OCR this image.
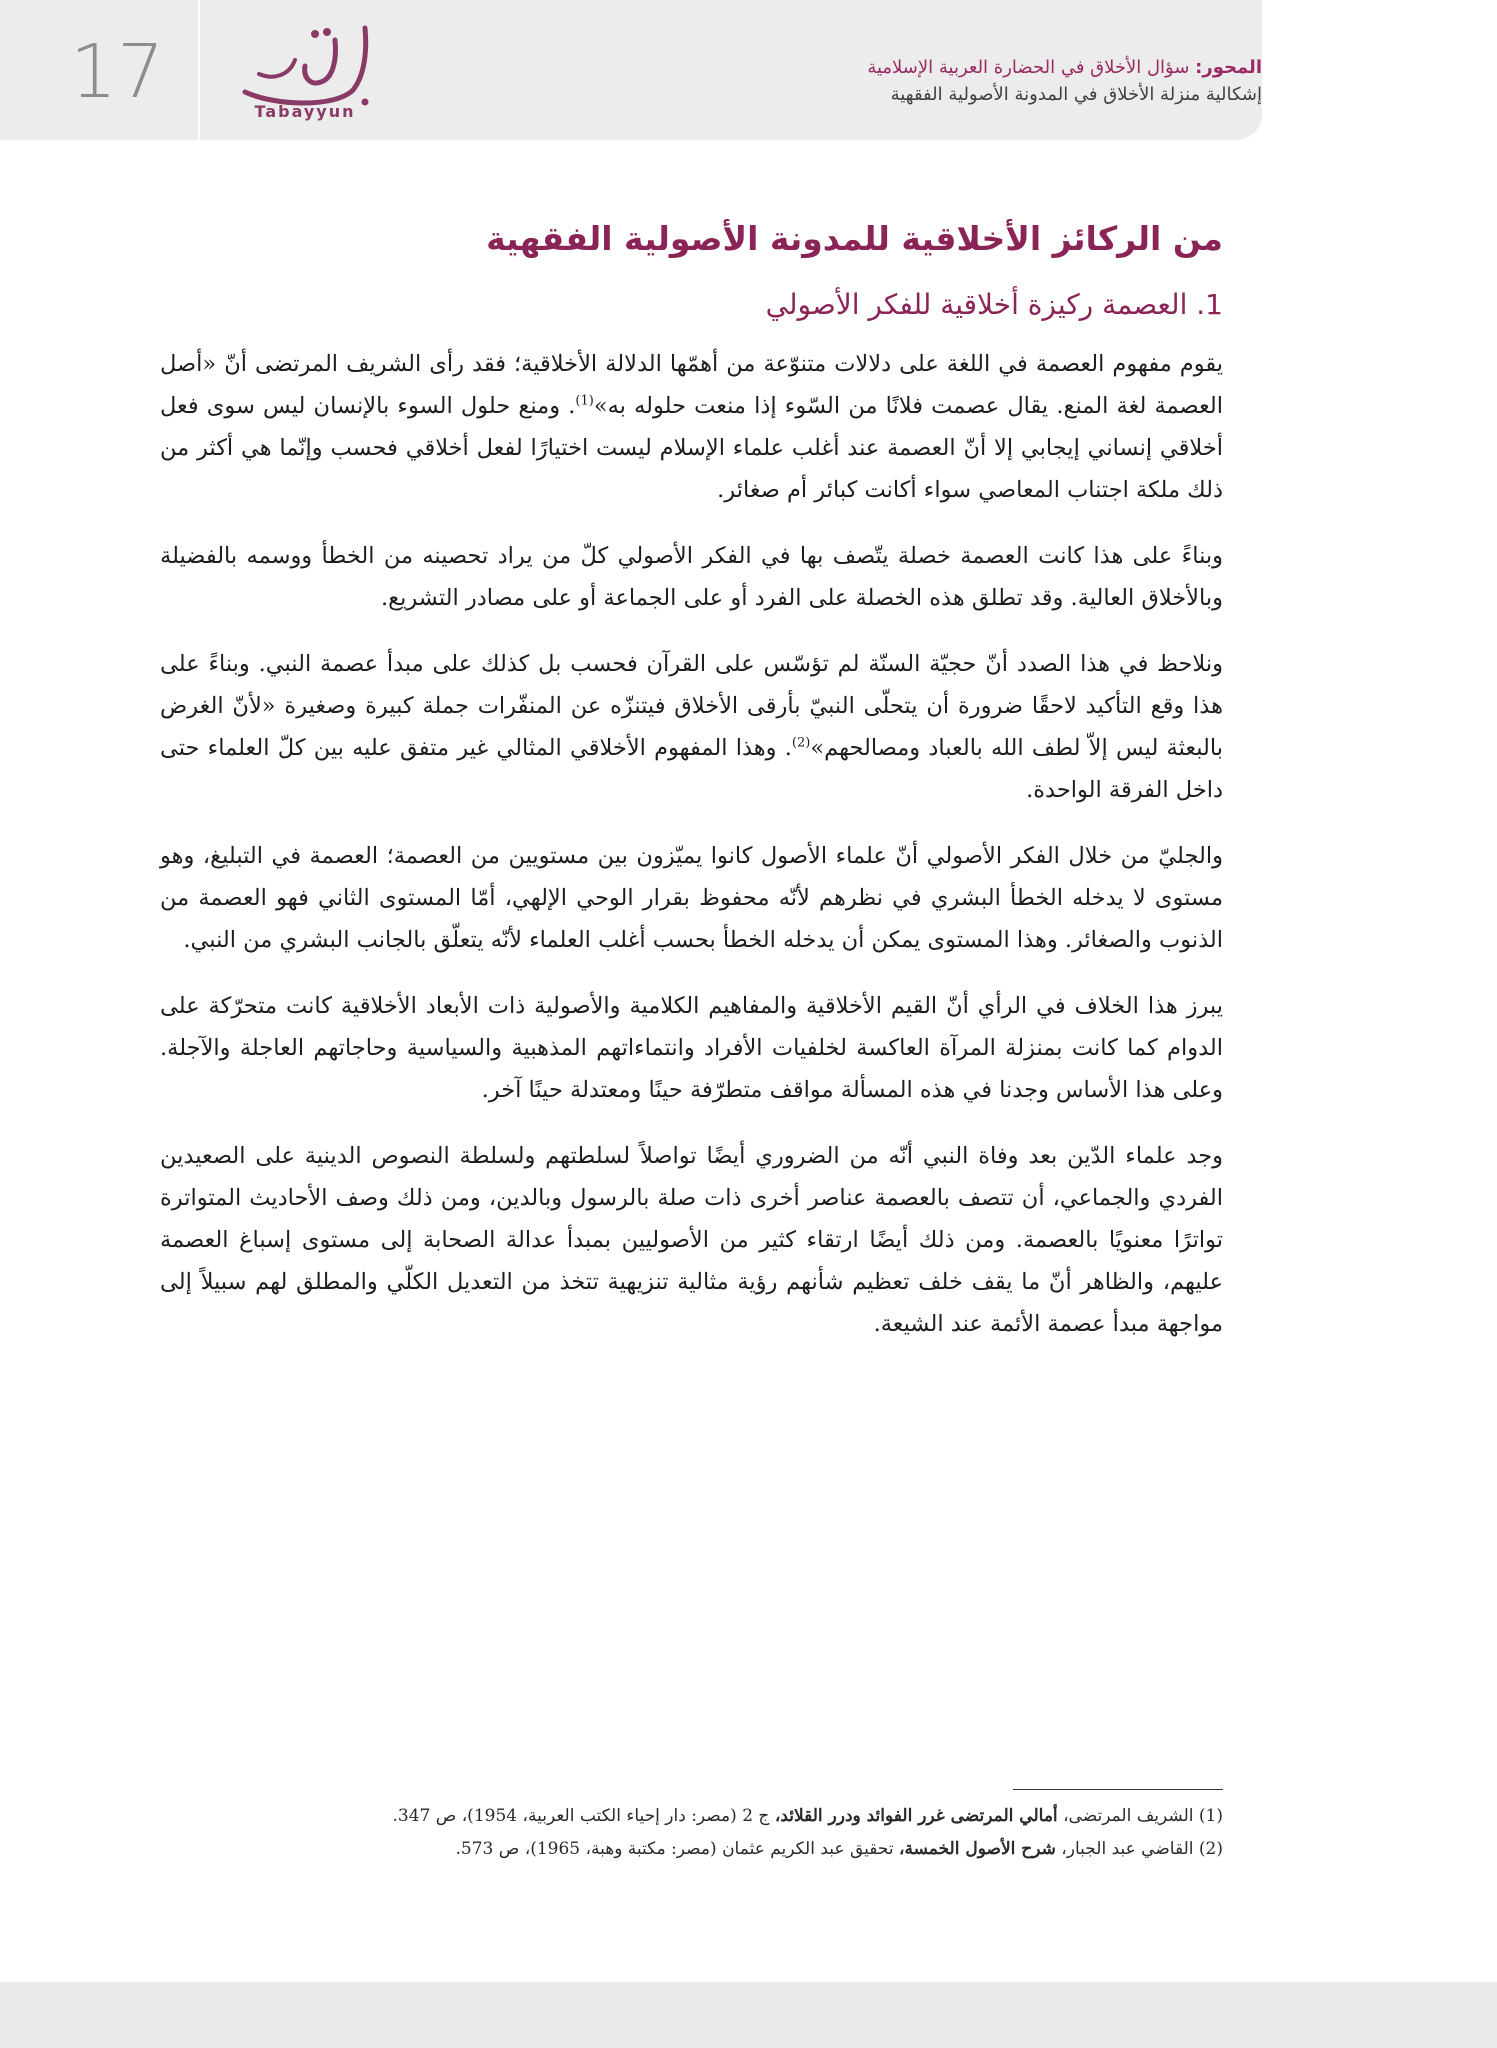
17	Tabayyun
المحور: سؤال الأخلاق في الحضارة العربية الإسلامية
إشكالية منزلة الأخلاق في المدونة الأصولية الفقهية
من الركائز الأخلاقية للمدونة الأصولية الفقهية
1. العصمة ركيزة أخلاقية للفكر الأصولي

يقوم مفهوم العصمة في اللغة على دلالات متنوّعة من أهمّها الدلالة الأخلاقية؛ فقد رأى الشريف المرتضى أنّ «أصل العصمة لغة المنع. يقال عصمت فلانًا من السّوء إذا منعت حلوله به»$^{(1)}$. ومنع حلول السوء بالإنسان ليس سوى فعل أخلاقي إنساني إيجابي إلا أنّ العصمة عند أغلب علماء الإسلام ليست اختيارًا لفعل أخلاقي فحسب وإنّما هي أكثر من ذلك ملكة اجتناب المعاصي سواء أكانت كبائر أم صغائر.

وبناءً على هذا كانت العصمة خصلة يتّصف بها في الفكر الأصولي كلّ من يراد تحصينه من الخطأ ووسمه بالفضيلة وبالأخلاق العالية. وقد تطلق هذه الخصلة على الفرد أو على الجماعة أو على مصادر التشريع.

ونلاحظ في هذا الصدد أنّ حجيّة السنّة لم تؤسّس على القرآن فحسب بل كذلك على مبدأ عصمة النبي. وبناءً على هذا وقع التأكيد لاحقًا ضرورة أن يتحلّى النبيّ بأرقى الأخلاق فيتنزّه عن المنفّرات جملة كبيرة وصغيرة «لأنّ الغرض بالبعثة ليس إلاّ لطف الله بالعباد ومصالحهم»$^{(2)}$. وهذا المفهوم الأخلاقي المثالي غير متفق عليه بين كلّ العلماء حتى داخل الفرقة الواحدة.

والجليّ من خلال الفكر الأصولي أنّ علماء الأصول كانوا يميّزون بين مستويين من العصمة؛ العصمة في التبليغ، وهو مستوى لا يدخله الخطأ البشري في نظرهم لأنّه محفوظ بقرار الوحي الإلهي، أمّا المستوى الثاني فهو العصمة من الذنوب والصغائر. وهذا المستوى يمكن أن يدخله الخطأ بحسب أغلب العلماء لأنّه يتعلّق بالجانب البشري من النبي.

يبرز هذا الخلاف في الرأي أنّ القيم الأخلاقية والمفاهيم الكلامية والأصولية ذات الأبعاد الأخلاقية كانت متحرّكة على الدوام كما كانت بمنزلة المرآة العاكسة لخلفيات الأفراد وانتماءاتهم المذهبية والسياسية وحاجاتهم العاجلة والآجلة. وعلى هذا الأساس وجدنا في هذه المسألة مواقف متطرّفة حينًا ومعتدلة حينًا آخر.

وجد علماء الدّين بعد وفاة النبي أنّه من الضروري أيضًا تواصلاً لسلطتهم ولسلطة النصوص الدينية على الصعيدين الفردي والجماعي، أن تتصف بالعصمة عناصر أخرى ذات صلة بالرسول وبالدين، ومن ذلك وصف الأحاديث المتواترة تواترًا معنويًا بالعصمة. ومن ذلك أيضًا ارتقاء كثير من الأصوليين بمبدأ عدالة الصحابة إلى مستوى إسباغ العصمة عليهم، والظاهر أنّ ما يقف خلف تعظيم شأنهم رؤية مثالية تنزيهية تتخذ من التعديل الكلّي والمطلق لهم سبيلاً إلى مواجهة مبدأ عصمة الأئمة عند الشيعة.

(1) الشريف المرتضى، أمالي المرتضى غرر الفوائد ودرر القلائد، ج 2 (مصر: دار إحياء الكتب العربية، 1954)، ص 347.

(2) القاضي عبد الجبار، شرح الأصول الخمسة، تحقيق عبد الكريم عثمان (مصر: مكتبة وهبة، 1965)، ص 573.
